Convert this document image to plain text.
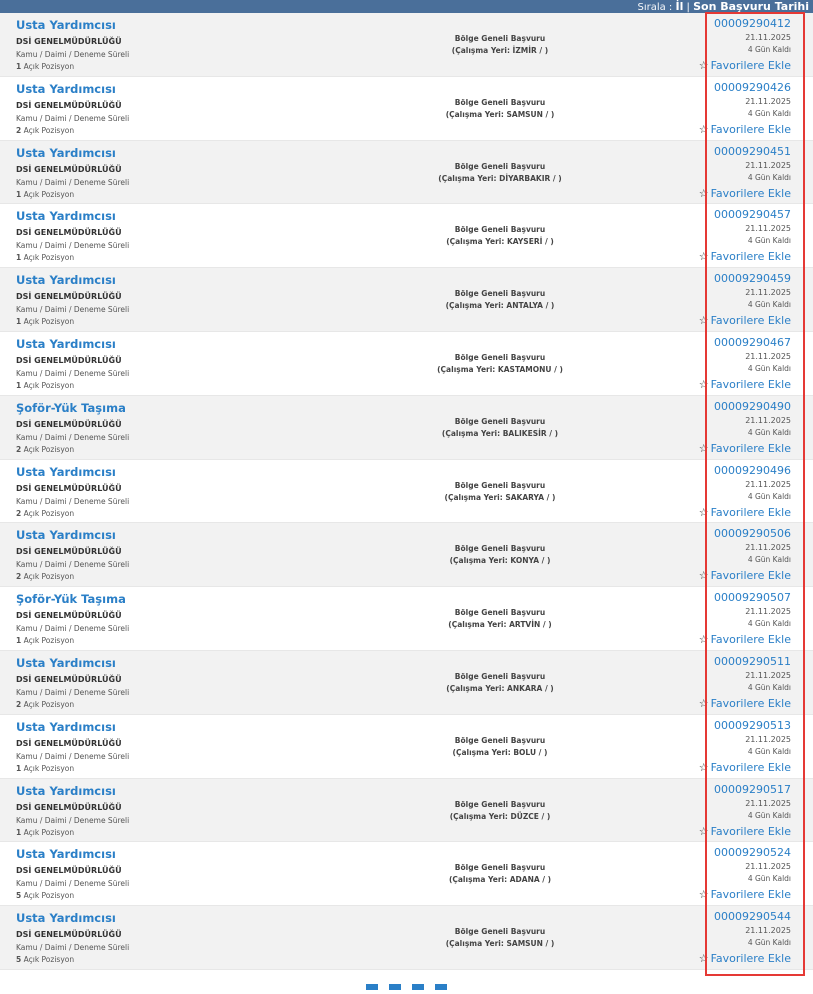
Sırala : İl | Son Başvuru Tarihi
Usta Yardımcısı
DSİ GENELMÜDÜRLÜĞÜ
Kamu / Daimi / Deneme Süreli
1 Açık Pozisyon
Bölge Geneli Başvuru
(Çalışma Yeri: İZMİR / )
00009290412
21.11.2025
4 Gün Kaldı
☆ Favorilere Ekle
Usta Yardımcısı
DSİ GENELMÜDÜRLÜĞÜ
Kamu / Daimi / Deneme Süreli
2 Açık Pozisyon
Bölge Geneli Başvuru
(Çalışma Yeri: SAMSUN / )
00009290426
21.11.2025
4 Gün Kaldı
☆ Favorilere Ekle
Usta Yardımcısı
DSİ GENELMÜDÜRLÜĞÜ
Kamu / Daimi / Deneme Süreli
1 Açık Pozisyon
Bölge Geneli Başvuru
(Çalışma Yeri: DİYARBAKIR / )
00009290451
21.11.2025
4 Gün Kaldı
☆ Favorilere Ekle
Usta Yardımcısı
DSİ GENELMÜDÜRLÜĞÜ
Kamu / Daimi / Deneme Süreli
1 Açık Pozisyon
Bölge Geneli Başvuru
(Çalışma Yeri: KAYSERİ / )
00009290457
21.11.2025
4 Gün Kaldı
☆ Favorilere Ekle
Usta Yardımcısı
DSİ GENELMÜDÜRLÜĞÜ
Kamu / Daimi / Deneme Süreli
1 Açık Pozisyon
Bölge Geneli Başvuru
(Çalışma Yeri: ANTALYA / )
00009290459
21.11.2025
4 Gün Kaldı
☆ Favorilere Ekle
Usta Yardımcısı
DSİ GENELMÜDÜRLÜĞÜ
Kamu / Daimi / Deneme Süreli
1 Açık Pozisyon
Bölge Geneli Başvuru
(Çalışma Yeri: KASTAMONU / )
00009290467
21.11.2025
4 Gün Kaldı
☆ Favorilere Ekle
Şoför-Yük Taşıma
DSİ GENELMÜDÜRLÜĞÜ
Kamu / Daimi / Deneme Süreli
2 Açık Pozisyon
Bölge Geneli Başvuru
(Çalışma Yeri: BALIKESİR / )
00009290490
21.11.2025
4 Gün Kaldı
☆ Favorilere Ekle
Usta Yardımcısı
DSİ GENELMÜDÜRLÜĞÜ
Kamu / Daimi / Deneme Süreli
2 Açık Pozisyon
Bölge Geneli Başvuru
(Çalışma Yeri: SAKARYA / )
00009290496
21.11.2025
4 Gün Kaldı
☆ Favorilere Ekle
Usta Yardımcısı
DSİ GENELMÜDÜRLÜĞÜ
Kamu / Daimi / Deneme Süreli
2 Açık Pozisyon
Bölge Geneli Başvuru
(Çalışma Yeri: KONYA / )
00009290506
21.11.2025
4 Gün Kaldı
☆ Favorilere Ekle
Şoför-Yük Taşıma
DSİ GENELMÜDÜRLÜĞÜ
Kamu / Daimi / Deneme Süreli
1 Açık Pozisyon
Bölge Geneli Başvuru
(Çalışma Yeri: ARTVİN / )
00009290507
21.11.2025
4 Gün Kaldı
☆ Favorilere Ekle
Usta Yardımcısı
DSİ GENELMÜDÜRLÜĞÜ
Kamu / Daimi / Deneme Süreli
2 Açık Pozisyon
Bölge Geneli Başvuru
(Çalışma Yeri: ANKARA / )
00009290511
21.11.2025
4 Gün Kaldı
☆ Favorilere Ekle
Usta Yardımcısı
DSİ GENELMÜDÜRLÜĞÜ
Kamu / Daimi / Deneme Süreli
1 Açık Pozisyon
Bölge Geneli Başvuru
(Çalışma Yeri: BOLU / )
00009290513
21.11.2025
4 Gün Kaldı
☆ Favorilere Ekle
Usta Yardımcısı
DSİ GENELMÜDÜRLÜĞÜ
Kamu / Daimi / Deneme Süreli
1 Açık Pozisyon
Bölge Geneli Başvuru
(Çalışma Yeri: DÜZCE / )
00009290517
21.11.2025
4 Gün Kaldı
☆ Favorilere Ekle
Usta Yardımcısı
DSİ GENELMÜDÜRLÜĞÜ
Kamu / Daimi / Deneme Süreli
5 Açık Pozisyon
Bölge Geneli Başvuru
(Çalışma Yeri: ADANA / )
00009290524
21.11.2025
4 Gün Kaldı
☆ Favorilere Ekle
Usta Yardımcısı
DSİ GENELMÜDÜRLÜĞÜ
Kamu / Daimi / Deneme Süreli
5 Açık Pozisyon
Bölge Geneli Başvuru
(Çalışma Yeri: SAMSUN / )
00009290544
21.11.2025
4 Gün Kaldı
☆ Favorilere Ekle
